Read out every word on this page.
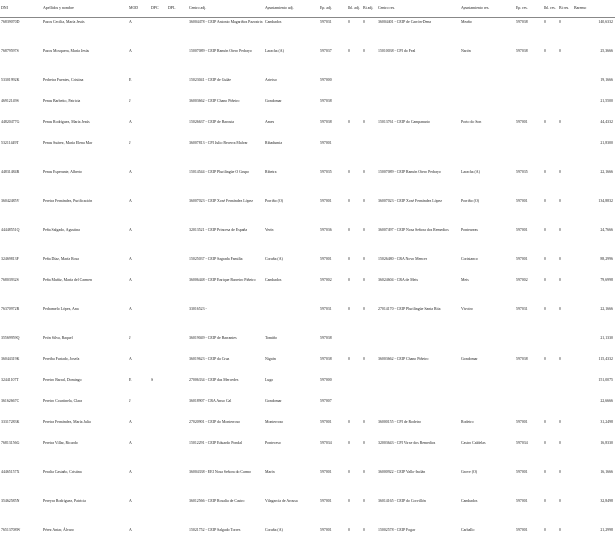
DNI	Apellidos y nombre	MOD	DPC	DPL	Centro adj.	Ayuntamiento adj.	Ep. adj.	Ibl. adj.	Bi adj.	Centro res.	Ayuntamiento res.	Ep. res.	Ibl. res.	Bi res.	Baremo
76839070D	Pazos Cecilia, María Jesús	A			36004478 - CEIP Antonio Magariños Pazostrix	Cambados	597031	0	0	36004401 - CEIP de Carrón-Dena	Meaño	597038	0	0	140,6332
76879597S	Pazos Mosquera, María Jesús	A			15007089 - CEIP Ramón Otero Pedrayo	Laracha (A)	597037	0	0	15010038 - CPI do Feal	Narón	597038	0	0	25,3666
53301992K	Pedreira Fuentes, Cristina	E			15023041 - CEIP de Guláe	Arteixo	597000								19,1666
46912149S	Penas Barbeito, Patricia	J			36003662 - CEIP Chano Piñeiro	Gondomar	597038								21,5500
44820477G	Penas Rodríguez, María Jesús	A			15026637 - CEIP de Barouta	Ames	597038	0	0	15013761 - CEIP do Campanario	Porto do Son	597001	0	0	44,4332
53211449T	Penas Suárez, María Elena Mar	J			36007813 - CPI Julio Becerra Malvar	Ribadumia	597001								21,8300
44831484R	Penas Esperante, Alberto	A			15014544 - CEIP Plurilingüe O Grupo	Ribeira	597035	0	0	15007089 - CEIP Ramón Otero Pedrayo	Laracha (A)	597035	0	0	22,1666
36042485V	Pereira Fernández, Purificación	A			36007023 - CEIP Xosé Fernández López	Porriño (O)	597001	0	0	36007023 - CEIP Xosé Fernández López	Porriño (O)	597001	0	0	134,8832
44448551Q	Peña Salgado, Agustina	A			32013521 - CEIP Princesa de España	Verín	597036	0	0	36007497 - CEIP Nosa Señora dos Remedios	Ponteareas	597001	0	0	24,7666
32469813F	Peña Díaz, María Rosa	A			15025037 - CEIP Sagrada Familia	Coruña (A)	597001	0	0	15026480 - CRA Novo Mencer	Coristanco	597001	0	0	88,2996
76803932S	Peña Muñiz, María del Carmen	A			36006448 - CEIP Enrique Barreiro Piñeiro	Cambados	597002	0	0	36024604 - CRA de Meis	Meis	597002	0	0	79,6998
76370972R	Pedramelo López, Ana	A			33016523 -		597031	0	0	27014170 - CEIP Plurilingüe Santa Rita	Vivoiro	597031	0	0	22,1666
35569959Q	Peón Silva, Raquel	J			36019049 - CEIP de Barrantes	Tomiño	597038								21,1330
36044319K	Pereiba Furtado, Josefa	A			36019623 - CEIP da Cruz	Nigrán	597038	0	0	36003662 - CEIP Chano Piñeiro	Gondomar	597038	0	0	115,4332
32441107T	Pereiro Barral, Domingo	E	S		27006334 - CEIP das Mercedes	Lugo	597000								151,0075
36162667C	Pereiro Courtinela, Clara	J			36018907 - CRA Anxo Cal	Gondomar	597007								22,6666
33317283K	Pereira Fernández, María Julia	A			27020901 - CEIP do Monterroso	Monterroso	597001	0	0	36000155 - CPI de Rodeiro	Rodeiro	597001	0	0	31,2498
76813156G	Pereira Villar, Ricardo	A			15012291 - CEIP Eduardo Pondal	Ponteceso	597034	0	0	32003643 - CPI Virxe dos Remedios	Castro Caldelas	597034	0	0	16,8330
44465157X	Peralta Castaño, Cristina	A			36004338 - EEI Nosa Señora do Carmo	Marín	597001	0	0	36000922 - CEIP Vallo-Inclán	Grove (O)	597001	0	0	16,1666
35462585N	Pereyra Rodríguez, Patricia	A			36012566 - CEIP Rosalía de Castro	Vilagarcía de Arousa	597001	0	0	36014165 - CEIP do Corvillón	Cambados	597001	0	0	32,8498
76513708W	Pérez Antar, Álvaro	A			15021752 - CEIP Salgado Torres	Coruña (A)	597001	0	0	15002578 - CEIP Fogar	Carballo	597001	0	0	21,2998
